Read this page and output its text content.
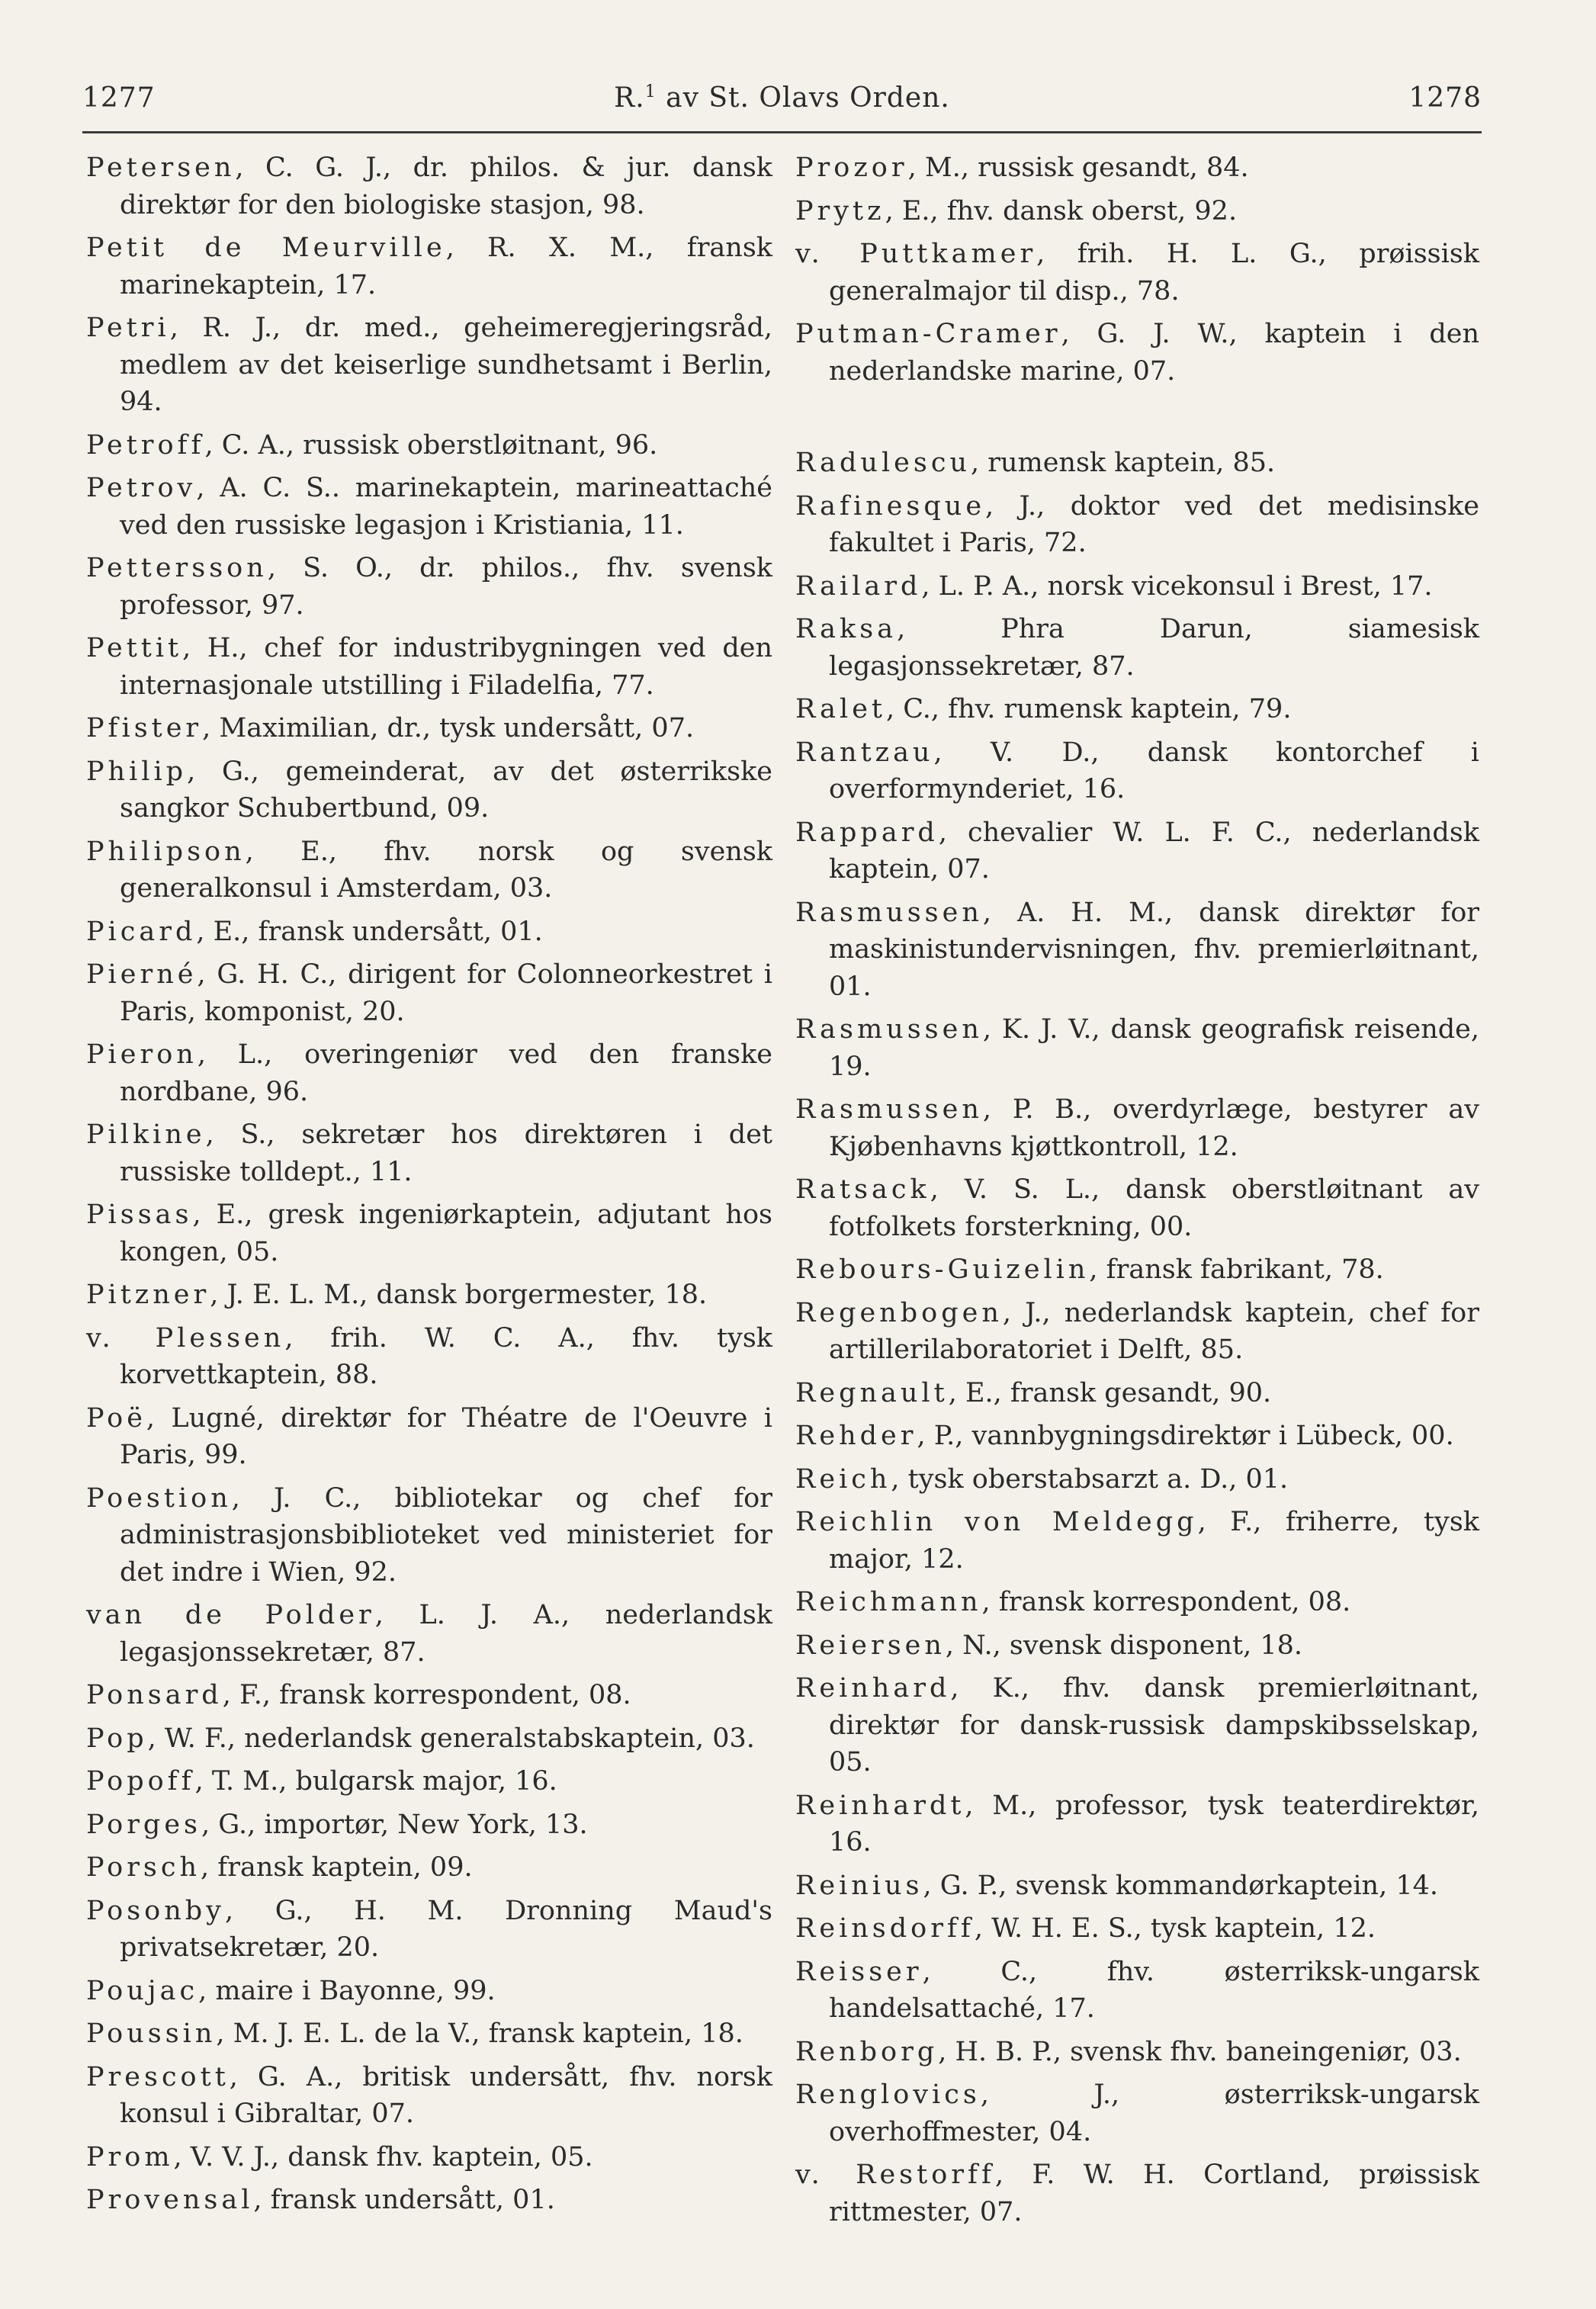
1277	R.$^1$ av St. Olavs Orden.	1278

Petersen, C. G. J., dr. philos. & jur. dansk direktør for den biologiske stasjon, 98.

Petit de Meurville, R. X. M., fransk marinekaptein, 17.

Petri, R. J., dr. med., geheimeregjeringsråd, medlem av det keiserlige sundhetsamt i Berlin, 94.

Petroff, C. A., russisk oberstløitnant, 96.

Petrov, A. C. S.. marinekaptein, marineattaché ved den russiske legasjon i Kristiania, 11.

Pettersson, S. O., dr. philos., fhv. svensk professor, 97.

Pettit, H., chef for industribygningen ved den internasjonale utstilling i Filadelfia, 77.

Pfister, Maximilian, dr., tysk undersått, 07.

Philip, G., gemeinderat, av det østerrikske sangkor Schubertbund, 09.

Philipson, E., fhv. norsk og svensk generalkonsul i Amsterdam, 03.

Picard, E., fransk undersått, 01.

Pierné, G. H. C., dirigent for Colonneorkestret i Paris, komponist, 20.

Pieron, L., overingeniør ved den franske nordbane, 96.

Pilkine, S., sekretær hos direktøren i det russiske tolldept., 11.

Pissas, E., gresk ingeniørkaptein, adjutant hos kongen, 05.

Pitzner, J. E. L. M., dansk borgermester, 18.

v. Plessen, frih. W. C. A., fhv. tysk korvettkaptein, 88.

Poë, Lugné, direktør for Théatre de l'Oeuvre i Paris, 99.

Poestion, J. C., bibliotekar og chef for administrasjonsbiblioteket ved ministeriet for det indre i Wien, 92.

van de Polder, L. J. A., nederlandsk legasjonssekretær, 87.

Ponsard, F., fransk korrespondent, 08.

Pop, W. F., nederlandsk generalstabskaptein, 03.

Popoff, T. M., bulgarsk major, 16.

Porges, G., importør, New York, 13.

Porsch, fransk kaptein, 09.

Posonby, G., H. M. Dronning Maud's privatsekretær, 20.

Poujac, maire i Bayonne, 99.

Poussin, M. J. E. L. de la V., fransk kaptein, 18.

Prescott, G. A., britisk undersått, fhv. norsk konsul i Gibraltar, 07.

Prom, V. V. J., dansk fhv. kaptein, 05.

Provensal, fransk undersått, 01.

Prozor, M., russisk gesandt, 84.

Prytz, E., fhv. dansk oberst, 92.

v. Puttkamer, frih. H. L. G., prøissisk generalmajor til disp., 78.

Putman-Cramer, G. J. W., kaptein i den nederlandske marine, 07.

Radulescu, rumensk kaptein, 85.

Rafinesque, J., doktor ved det medisinske fakultet i Paris, 72.

Railard, L. P. A., norsk vicekonsul i Brest, 17.

Raksa, Phra Darun, siamesisk legasjonssekretær, 87.

Ralet, C., fhv. rumensk kaptein, 79.

Rantzau, V. D., dansk kontorchef i overformynderiet, 16.

Rappard, chevalier W. L. F. C., nederlandsk kaptein, 07.

Rasmussen, A. H. M., dansk direktør for maskinistundervisningen, fhv. premierløitnant, 01.

Rasmussen, K. J. V., dansk geografisk reisende, 19.

Rasmussen, P. B., overdyrlæge, bestyrer av Kjøbenhavns kjøttkontroll, 12.

Ratsack, V. S. L., dansk oberstløitnant av fotfolkets forsterkning, 00.

Rebours-Guizelin, fransk fabrikant, 78.

Regenbogen, J., nederlandsk kaptein, chef for artillerilaboratoriet i Delft, 85.

Regnault, E., fransk gesandt, 90.

Rehder, P., vannbygningsdirektør i Lübeck, 00.

Reich, tysk oberstabsarzt a. D., 01.

Reichlin von Meldegg, F., friherre, tysk major, 12.

Reichmann, fransk korrespondent, 08.

Reiersen, N., svensk disponent, 18.

Reinhard, K., fhv. dansk premierløitnant, direktør for dansk-russisk dampskibsselskap, 05.

Reinhardt, M., professor, tysk teaterdirektør, 16.

Reinius, G. P., svensk kommandørkaptein, 14.

Reinsdorff, W. H. E. S., tysk kaptein, 12.

Reisser, C., fhv. østerriksk-ungarsk handelsattaché, 17.

Renborg, H. B. P., svensk fhv. baneingeniør, 03.

Renglovics, J., østerriksk-ungarsk overhoffmester, 04.

v. Restorff, F. W. H. Cortland, prøissisk rittmester, 07.
